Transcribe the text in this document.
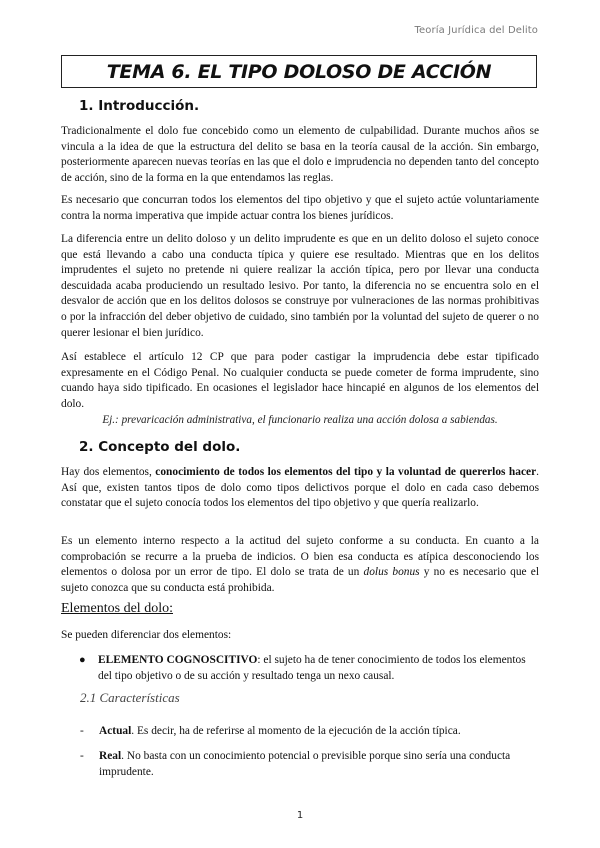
Teoría Jurídica del Delito
TEMA 6. EL TIPO DOLOSO DE ACCIÓN
1. Introducción.

Tradicionalmente el dolo fue concebido como un elemento de culpabilidad. Durante muchos años se vincula a la idea de que la estructura del delito se basa en la teoría causal de la acción. Sin embargo, posteriormente aparecen nuevas teorías en las que el dolo e imprudencia no dependen tanto del concepto de acción, sino de la forma en la que entendamos las reglas.

Es necesario que concurran todos los elementos del tipo objetivo y que el sujeto actúe voluntariamente contra la norma imperativa que impide actuar contra los bienes jurídicos.

La diferencia entre un delito doloso y un delito imprudente es que en un delito doloso el sujeto conoce que está llevando a cabo una conducta típica y quiere ese resultado. Mientras que en los delitos imprudentes el sujeto no pretende ni quiere realizar la acción típica, pero por llevar una conducta descuidada acaba produciendo un resultado lesivo. Por tanto, la diferencia no se encuentra solo en el desvalor de acción que en los delitos dolosos se construye por vulneraciones de las normas prohibitivas o por la infracción del deber objetivo de cuidado, sino también por la voluntad del sujeto de querer o no querer lesionar el bien jurídico.

Así establece el artículo 12 CP que para poder castigar la imprudencia debe estar tipificado expresamente en el Código Penal. No cualquier conducta se puede cometer de forma imprudente, sino cuando haya sido tipificado. En ocasiones el legislador hace hincapié en algunos de los elementos del dolo.

Ej.: prevaricación administrativa, el funcionario realiza una acción dolosa a sabiendas.
2. Concepto del dolo.

Hay dos elementos, conocimiento de todos los elementos del tipo y la voluntad de quererlos hacer. Así que, existen tantos tipos de dolo como tipos delictivos porque el dolo en cada caso debemos constatar que el sujeto conocía todos los elementos del tipo objetivo y que quería realizarlo.

Es un elemento interno respecto a la actitud del sujeto conforme a su conducta. En cuanto a la comprobación se recurre a la prueba de indicios. O bien esa conducta es atípica desconociendo los elementos o dolosa por un error de tipo. El dolo se trata de un dolus bonus y no es necesario que el sujeto conozca que su conducta está prohibida.

Elementos del dolo:
Se pueden diferenciar dos elementos:
● ELEMENTO COGNOSCITIVO: el sujeto ha de tener conocimiento de todos los elementos del tipo objetivo o de su acción y resultado tenga un nexo causal.
2.1 Características
- Actual. Es decir, ha de referirse al momento de la ejecución de la acción típica.
- Real. No basta con un conocimiento potencial o previsible porque sino sería una conducta imprudente.
1
